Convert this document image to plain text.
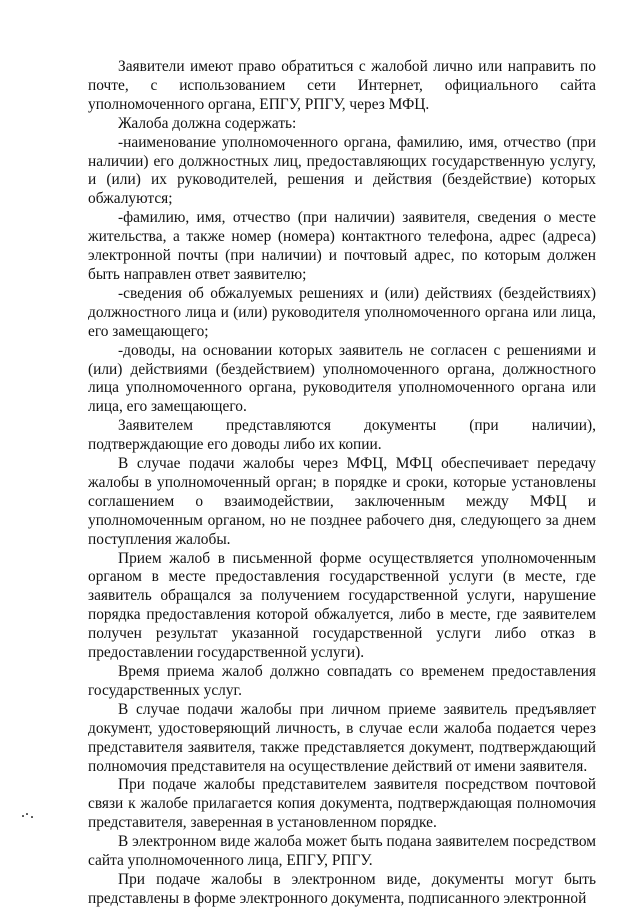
Заявители имеют право обратиться с жалобой лично или направить по почте, с использованием сети Интернет, официального сайта уполномоченного органа, ЕПГУ, РПГУ, через МФЦ.

Жалоба должна содержать:

-наименование уполномоченного органа, фамилию, имя, отчество (при наличии) его должностных лиц, предоставляющих государственную услугу, и (или) их руководителей, решения и действия (бездействие) которых обжалуются;

-фамилию, имя, отчество (при наличии) заявителя, сведения о месте жительства, а также номер (номера) контактного телефона, адрес (адреса) электронной почты (при наличии) и почтовый адрес, по которым должен быть направлен ответ заявителю;

-сведения об обжалуемых решениях и (или) действиях (бездействиях) должностного лица и (или) руководителя уполномоченного органа или лица, его замещающего;

-доводы, на основании которых заявитель не согласен с решениями и (или) действиями (бездействием) уполномоченного органа, должностного лица уполномоченного органа, руководителя уполномоченного органа или лица, его замещающего.

Заявителем представляются документы (при наличии), подтверждающие его доводы либо их копии.

В случае подачи жалобы через МФЦ, МФЦ обеспечивает передачу жалобы в уполномоченный орган; в порядке и сроки, которые установлены соглашением о взаимодействии, заключенным между МФЦ и уполномоченным органом, но не позднее рабочего дня, следующего за днем поступления жалобы.

Прием жалоб в письменной форме осуществляется уполномоченным органом в месте предоставления государственной услуги (в месте, где заявитель обращался за получением государственной услуги, нарушение порядка предоставления которой обжалуется, либо в месте, где заявителем получен результат указанной государственной услуги либо отказ в предоставлении государственной услуги).

Время приема жалоб должно совпадать со временем предоставления государственных услуг.

В случае подачи жалобы при личном приеме заявитель предъявляет документ, удостоверяющий личность, в случае если жалоба подается через представителя заявителя, также представляется документ, подтверждающий полномочия представителя на осуществление действий от имени заявителя.

При подаче жалобы представителем заявителя посредством почтовой связи к жалобе прилагается копия документа, подтверждающая полномочия представителя, заверенная в установленном порядке.

В электронном виде жалоба может быть подана заявителем посредством сайта уполномоченного лица, ЕПГУ, РПГУ.

При подаче жалобы в электронном виде, документы могут быть представлены в форме электронного документа, подписанного электронной
